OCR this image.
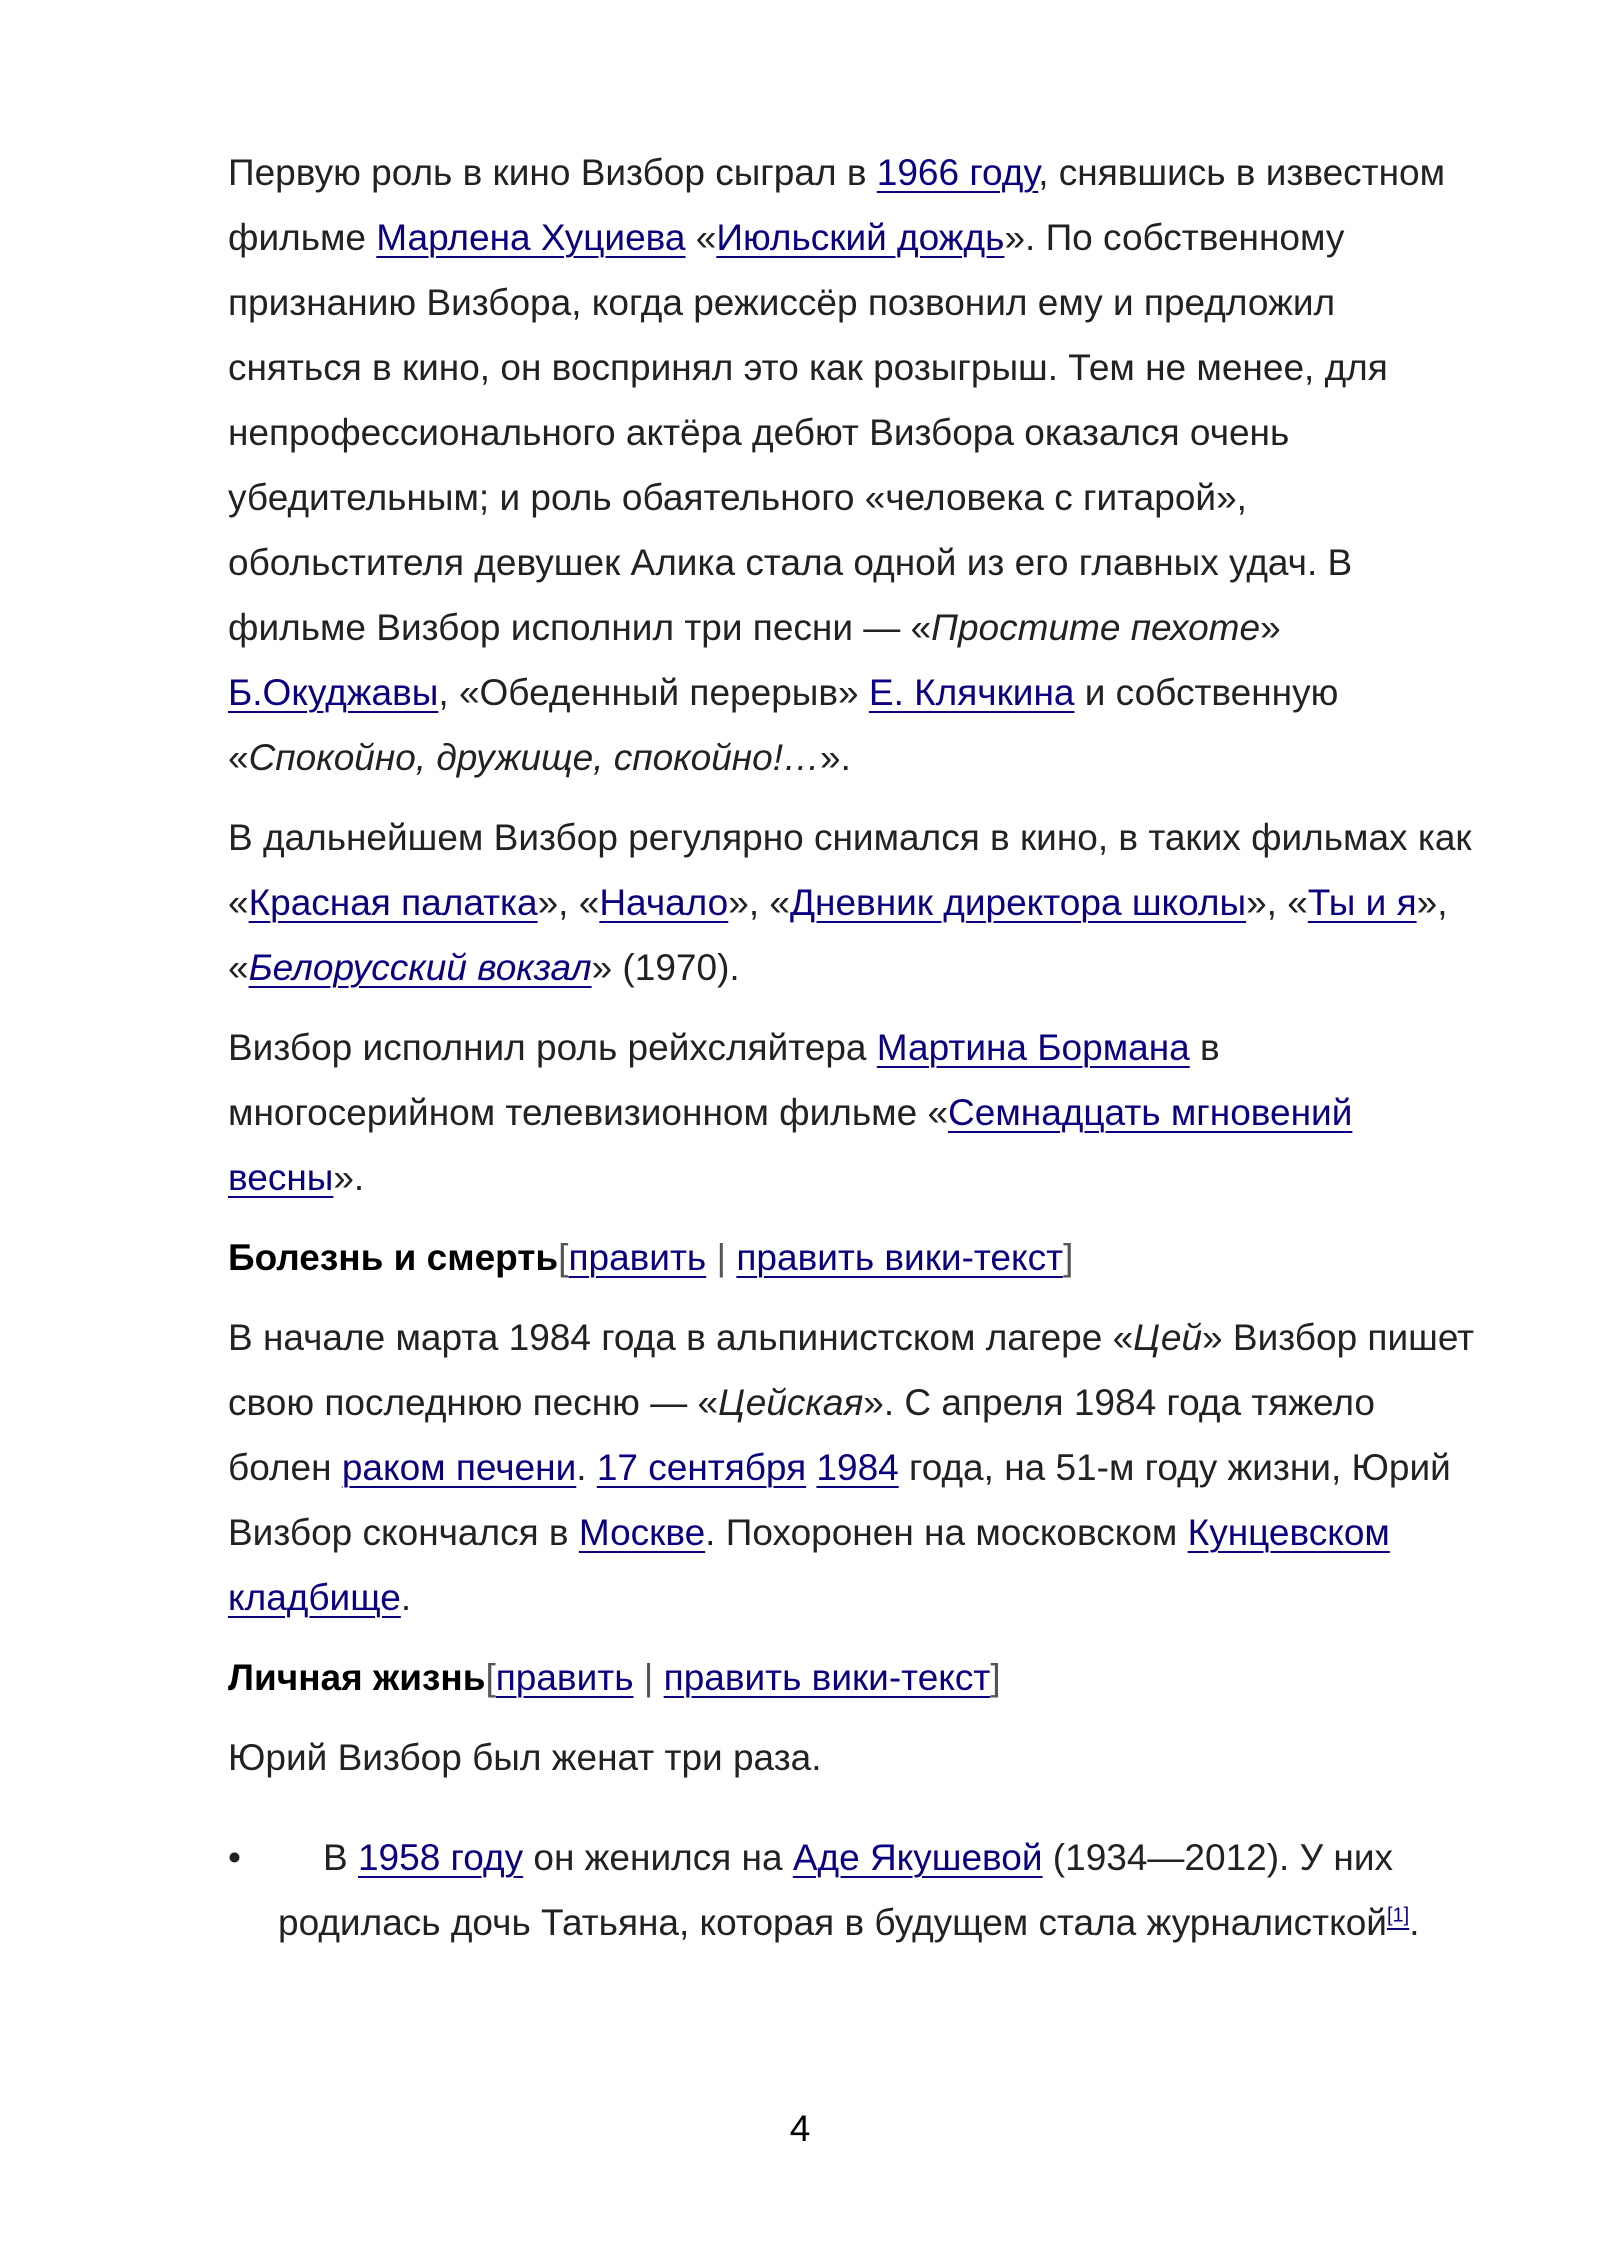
Первую роль в кино Визбор сыграл в 1966 году, снявшись в известном фильме Марлена Хуциева «Июльский дождь». По собственному признанию Визбора, когда режиссёр позвонил ему и предложил сняться в кино, он воспринял это как розыгрыш. Тем не менее, для непрофессионального актёра дебют Визбора оказался очень убедительным; и роль обаятельного «человека с гитарой», обольстителя девушек Алика стала одной из его главных удач. В фильме Визбор исполнил три песни — «Простите пехоте» Б.Окуджавы, «Обеденный перерыв» Е. Клячкина и собственную «Спокойно, дружище, спокойно!…».

В дальнейшем Визбор регулярно снимался в кино, в таких фильмах как «Красная палатка», «Начало», «Дневник директора школы», «Ты и я», «Белорусский вокзал» (1970).

Визбор исполнил роль рейхсляйтера Мартина Бормана в многосерийном телевизионном фильме «Семнадцать мгновений весны».

Болезнь и смерть[править | править вики-текст]

В начале марта 1984 года в альпинистском лагере «Цей» Визбор пишет свою последнюю песню — «Цейская». С апреля 1984 года тяжело болен раком печени. 17 сентября 1984 года, на 51-м году жизни, Юрий Визбор скончался в Москве. Похоронен на московском Кунцевском кладбище.

Личная жизнь[править | править вики-текст]

Юрий Визбор был женат три раза.

• В 1958 году он женился на Аде Якушевой (1934—2012). У них родилась дочь Татьяна, которая в будущем стала журналисткой[1].
4
